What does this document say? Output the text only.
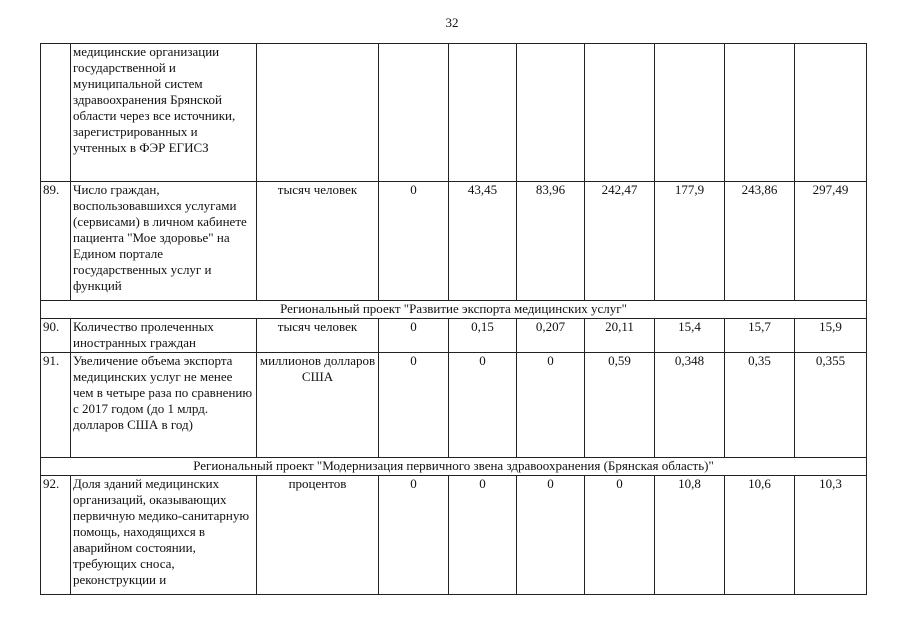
32
	медицинские организации государственной и муниципальной систем здравоохранения Брянской области через все источники, зарегистрированных и учтенных в ФЭР ЕГИСЗ								
89.	Число граждан, воспользовавшихся услугами (сервисами) в личном кабинете пациента "Мое здоровье" на Едином портале государственных услуг и функций	тысяч человек	0	43,45	83,96	242,47	177,9	243,86	297,49
Региональный проект "Развитие экспорта медицинских услуг"									
90.	Количество пролеченных иностранных граждан	тысяч человек	0	0,15	0,207	20,11	15,4	15,7	15,9
91.	Увеличение объема экспорта медицинских услуг не менее чем в четыре раза по сравнению с 2017 годом (до 1 млрд. долларов США в год)	миллионов долларов США	0	0	0	0,59	0,348	0,35	0,355
Региональный проект "Модернизация первичного звена здравоохранения (Брянская область)"									
92.	Доля зданий медицинских организаций, оказывающих первичную медико-санитарную помощь, находящихся в аварийном состоянии, требующих сноса, реконструкции и	процентов	0	0	0	0	10,8	10,6	10,3
